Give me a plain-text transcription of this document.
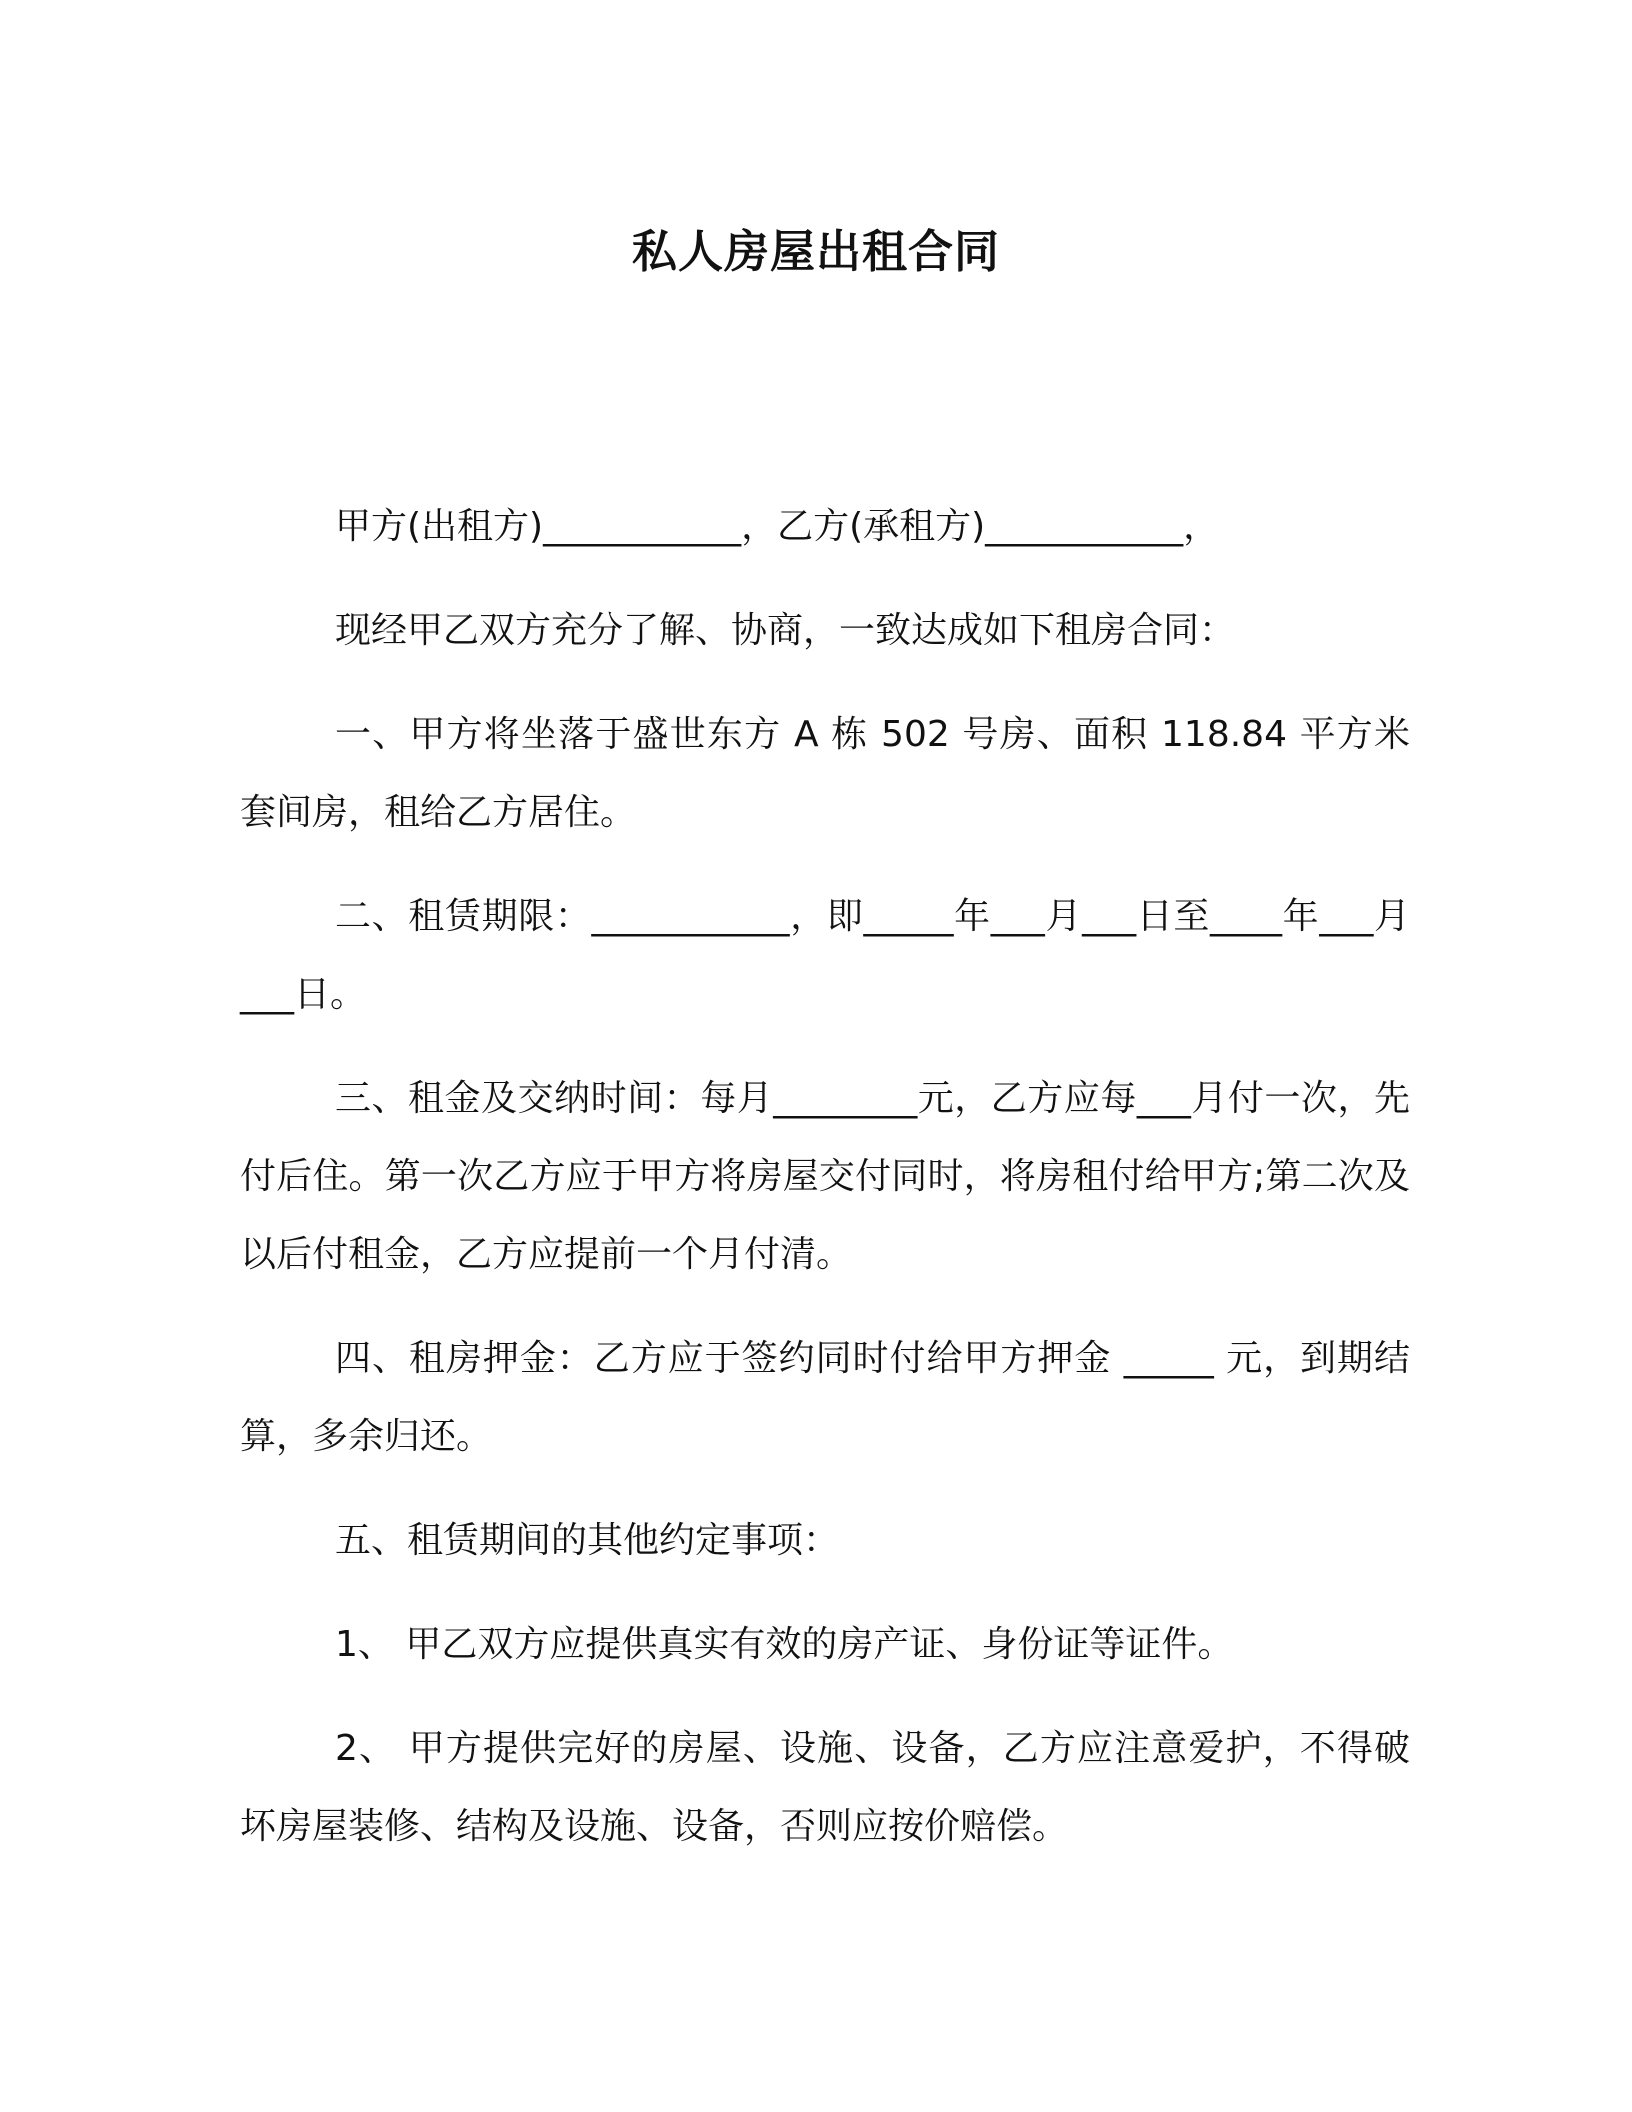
私人房屋出租合同

甲方(出租方)___________，乙方(承租方)___________，

现经甲乙双方充分了解、协商，一致达成如下租房合同：

一、甲方将坐落于盛世东方 A 栋 502 号房、面积 118.84 平方米套间房，租给乙方居住。

二、租赁期限：___________，即_____年___月___日至____年___月___日。

三、租金及交纳时间：每月________元，乙方应每___月付一次，先付后住。第一次乙方应于甲方将房屋交付同时，将房租付给甲方;第二次及以后付租金，乙方应提前一个月付清。

四、租房押金：乙方应于签约同时付给甲方押金 _____ 元，到期结算，多余归还。

五、租赁期间的其他约定事项：

1、 甲乙双方应提供真实有效的房产证、身份证等证件。

2、 甲方提供完好的房屋、设施、设备，乙方应注意爱护，不得破坏房屋装修、结构及设施、设备，否则应按价赔偿。
